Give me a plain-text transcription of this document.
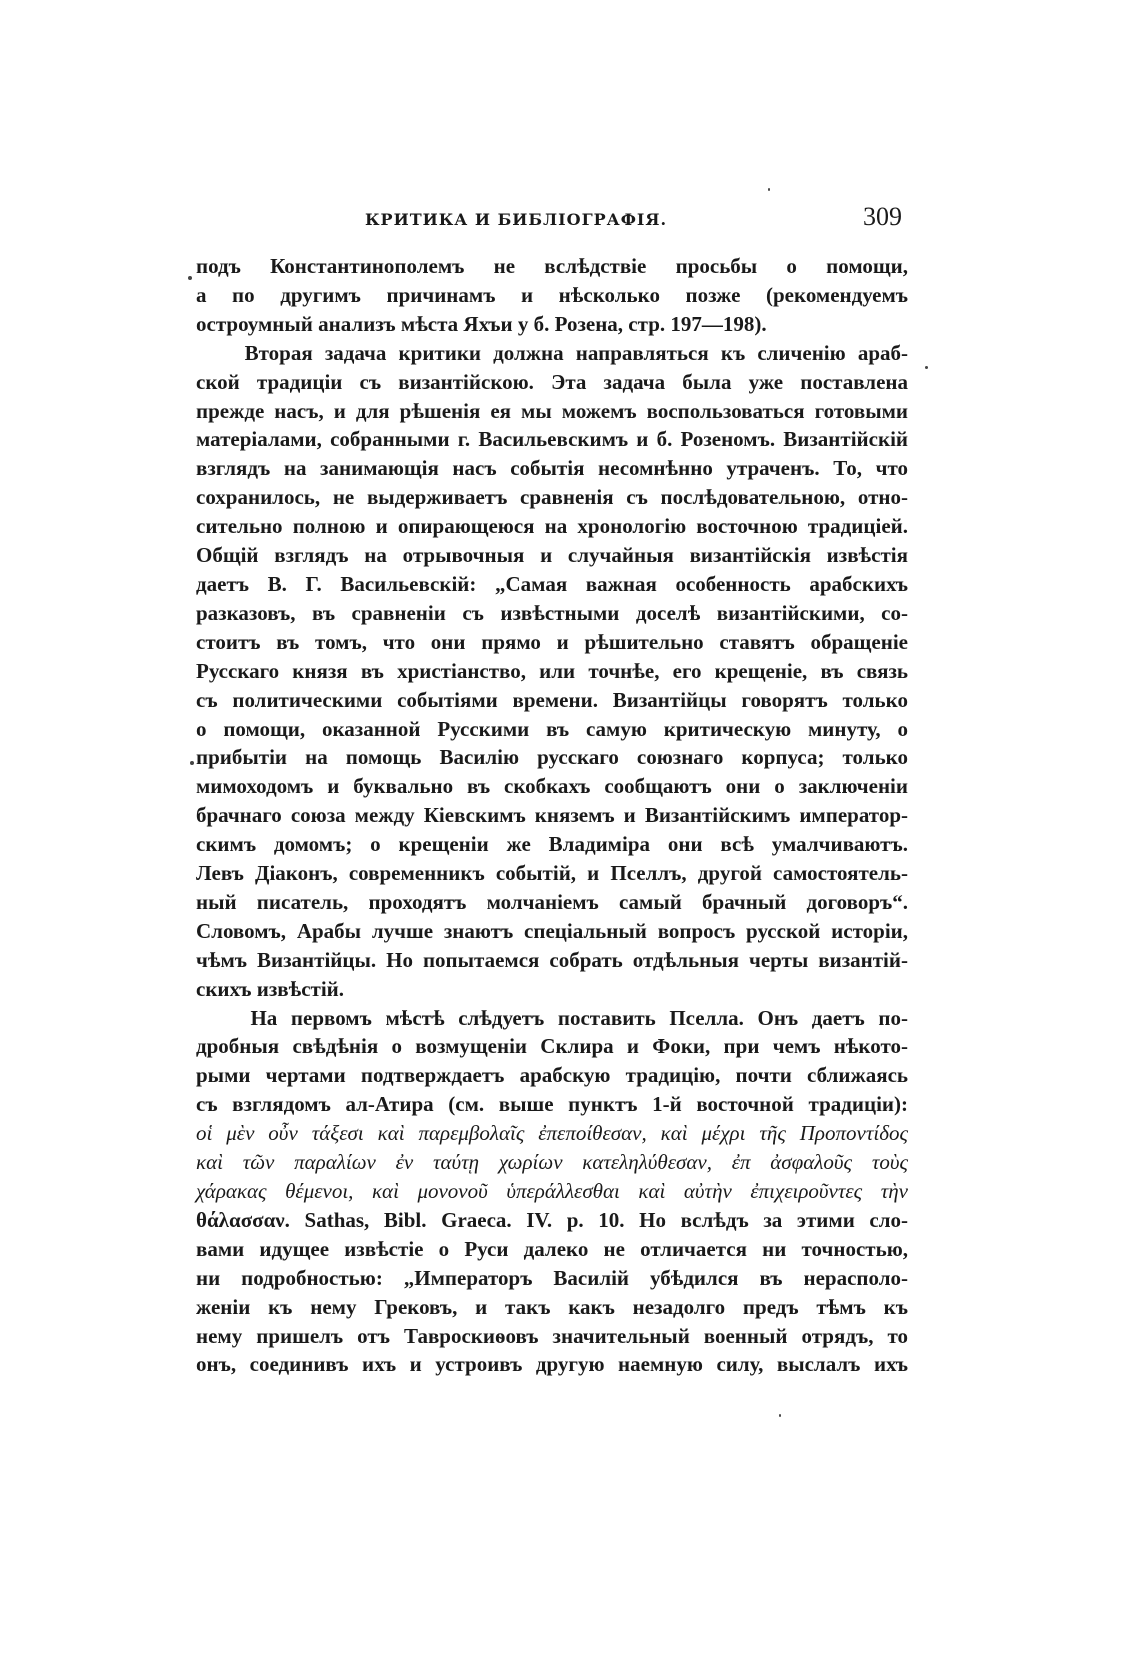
КРИТИКА И БИБЛІОГРАФІЯ.	309
подъ Константинополемъ не вслѣдствіе просьбы о помощи,
а по другимъ причинамъ и нѣсколько позже (рекомендуемъ
остроумный анализъ мѣста Яхъи у б. Розена, стр. 197—198).
Вторая задача критики должна направляться къ сличенію араб-
ской традиціи съ византійскою. Эта задача была уже поставлена
прежде насъ, и для рѣшенія ея мы можемъ воспользоваться готовыми
матеріалами, собранными г. Васильевскимъ и б. Розеномъ. Византійскій
взглядъ на занимающія насъ событія несомнѣнно утраченъ. То, что
сохранилось, не выдерживаетъ сравненія съ послѣдовательною, отно-
сительно полною и опирающеюся на хронологію восточною традиціей.
Общій взглядъ на отрывочныя и случайныя византійскія извѣстія
даетъ В. Г. Васильевскій: „Самая важная особенность арабскихъ
разказовъ, въ сравненіи съ извѣстными доселѣ византійскими, со-
стоитъ въ томъ, что они прямо и рѣшительно ставятъ обращеніе
Русскаго князя въ христіанство, или точнѣе, его крещеніе, въ связь
съ политическими событіями времени. Византійцы говорятъ только
о помощи, оказанной Русскими въ самую критическую минуту, о
прибытіи на помощь Василію русскаго союзнаго корпуса; только
мимоходомъ и буквально въ скобкахъ сообщаютъ они о заключеніи
брачнаго союза между Кіевскимъ княземъ и Византійскимъ император-
скимъ домомъ; о крещеніи же Владиміра они всѣ умалчиваютъ.
Левъ Діаконъ, современникъ событій, и Пселлъ, другой самостоятель-
ный писатель, проходятъ молчаніемъ самый брачный договоръ“.
Словомъ, Арабы лучше знаютъ спеціальный вопросъ русской исторіи,
чѣмъ Византійцы. Но попытаемся собрать отдѣльныя черты византій-
скихъ извѣстій.
На первомъ мѣстѣ слѣдуетъ поставить Пселла. Онъ даетъ по-
дробныя свѣдѣнія о возмущеніи Склира и Фоки, при чемъ нѣкото-
рыми чертами подтверждаетъ арабскую традицію, почти сближаясь
съ взглядомъ ал-Атира (см. выше пунктъ 1-й восточной традиціи):
οἱ μὲν οὖν τάξεσι καὶ παρεμβολαῖς ἐπεποίθεσαν, καὶ μέχρι τῆς Προποντίδος
καὶ τῶν παραλίων ἐν ταύτῃ χωρίων κατεληλύθεσαν, ἐπ ἀσφαλοῦς τοὺς
χάρακας θέμενοι, καὶ μονονοῦ ὑπεράλλεσθαι καὶ αὐτὴν ἐπιχειροῦντες τὴν
θάλασσαν. Sathas, Bibl. Graeca. IV. p. 10. Но вслѣдъ за этими сло-
вами идущее извѣстіе о Руси далеко не отличается ни точностью,
ни подробностью: „Императоръ Василій убѣдился въ нерасполо-
женіи къ нему Грековъ, и такъ какъ незадолго предъ тѣмъ къ
нему пришелъ отъ Тавроскиѳовъ значительный военный отрядъ, то
онъ, соединивъ ихъ и устроивъ другую наемную силу, выслалъ ихъ
